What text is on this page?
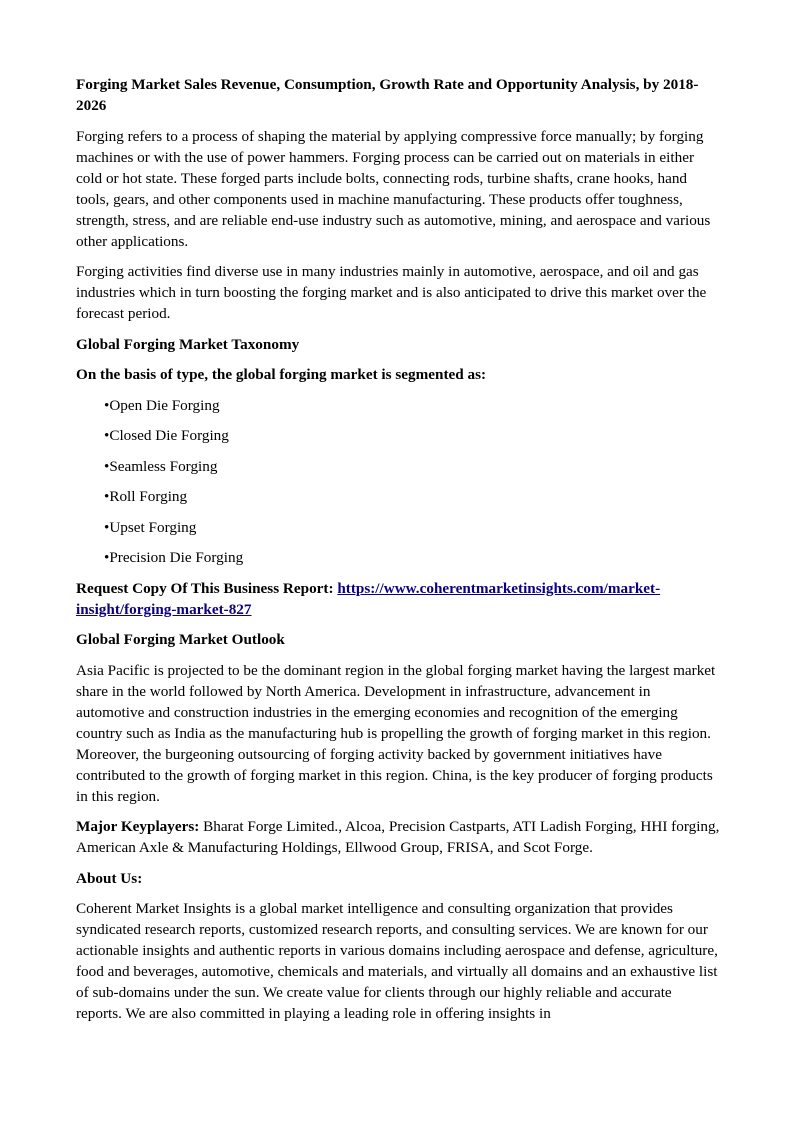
Forging Market Sales Revenue, Consumption, Growth Rate and Opportunity Analysis, by 2018-2026

Forging refers to a process of shaping the material by applying compressive force manually; by forging machines or with the use of power hammers. Forging process can be carried out on materials in either cold or hot state. These forged parts include bolts, connecting rods, turbine shafts, crane hooks, hand tools, gears, and other components used in machine manufacturing. These products offer toughness, strength, stress, and are reliable end-use industry such as automotive, mining, and aerospace and various other applications.

Forging activities find diverse use in many industries mainly in automotive, aerospace, and oil and gas industries which in turn boosting the forging market and is also anticipated to drive this market over the forecast period.

Global Forging Market Taxonomy

On the basis of type, the global forging market is segmented as:

•Open Die Forging

•Closed Die Forging

•Seamless Forging

•Roll Forging

•Upset Forging

•Precision Die Forging

Request Copy Of This Business Report: https://www.coherentmarketinsights.com/market-insight/forging-market-827

Global Forging Market Outlook

Asia Pacific is projected to be the dominant region in the global forging market having the largest market share in the world followed by North America. Development in infrastructure, advancement in automotive and construction industries in the emerging economies and recognition of the emerging country such as India as the manufacturing hub is propelling the growth of forging market in this region. Moreover, the burgeoning outsourcing of forging activity backed by government initiatives have contributed to the growth of forging market in this region. China, is the key producer of forging products in this region.

Major Keyplayers: Bharat Forge Limited., Alcoa, Precision Castparts, ATI Ladish Forging, HHI forging, American Axle & Manufacturing Holdings, Ellwood Group, FRISA, and Scot Forge.

About Us:

Coherent Market Insights is a global market intelligence and consulting organization that provides syndicated research reports, customized research reports, and consulting services. We are known for our actionable insights and authentic reports in various domains including aerospace and defense, agriculture, food and beverages, automotive, chemicals and materials, and virtually all domains and an exhaustive list of sub-domains under the sun. We create value for clients through our highly reliable and accurate reports. We are also committed in playing a leading role in offering insights in
